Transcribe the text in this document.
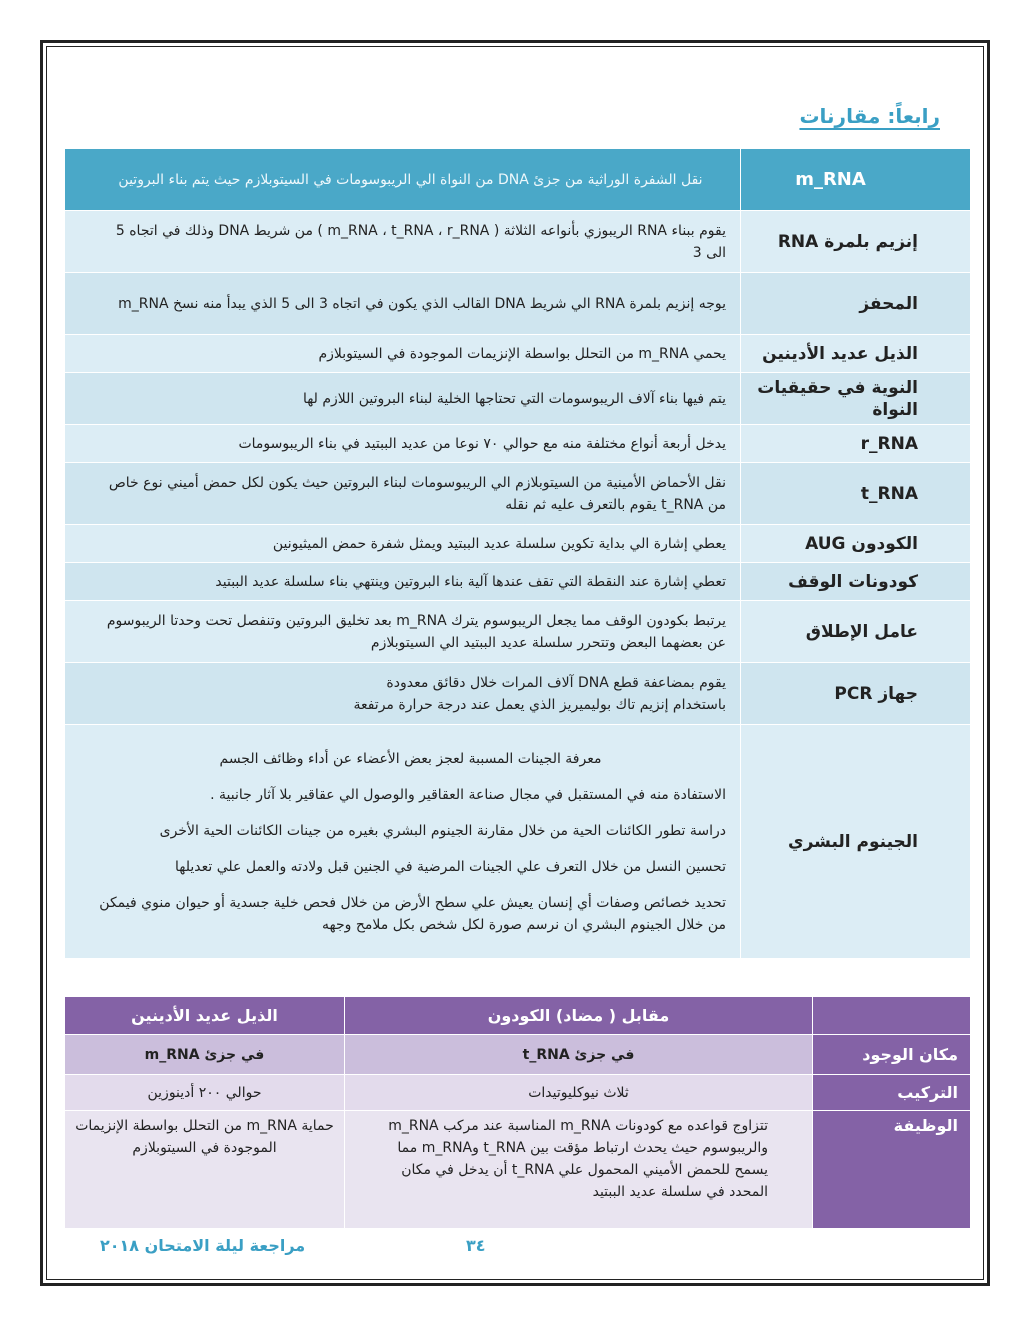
رابعاً: مقارنات
m_RNA	نقل الشفرة الوراثية من جزئ DNA من النواة الي الريبوسومات في السيتوبلازم حيث يتم بناء البروتين
إنزيم بلمرة RNA	يقوم ببناء RNA الريبوزي بأنواعه الثلاثة ( m_RNA ، t_RNA ، r_RNA ) من شريط DNA وذلك في اتجاه 5 الى 3
المحفز	يوجه إنزيم بلمرة RNA الي شريط DNA القالب الذي يكون في اتجاه 3 الى 5 الذي يبدأ منه نسخ m_RNA
الذيل عديد الأدينين	يحمي m_RNA من التحلل بواسطة الإنزيمات الموجودة في السيتوبلازم
النوية في حقيقيات النواة	يتم فيها بناء آلاف الريبوسومات التي تحتاجها الخلية لبناء البروتين اللازم لها
r_RNA	يدخل أربعة أنواع مختلفة منه مع حوالي ٧٠ نوعا من عديد الببتيد في بناء الريبوسومات
t_RNA	نقل الأحماض الأمينية من السيتوبلازم الي الريبوسومات لبناء البروتين حيث يكون لكل حمض أميني نوع خاص من t_RNA يقوم بالتعرف عليه ثم نقله
الكودون AUG	يعطي إشارة الي بداية تكوين سلسلة عديد الببتيد ويمثل شفرة حمض الميثيونين
كودونات الوقف	تعطي إشارة عند النقطة التي تقف عندها آلية بناء البروتين وينتهي بناء سلسلة عديد الببتيد
عامل الإطلاق	يرتبط بكودون الوقف مما يجعل الريبوسوم يترك m_RNA بعد تخليق البروتين وتنفصل تحت وحدتا الريبوسوم عن بعضهما البعض وتتحرر سلسلة عديد الببتيد الي السيتوبلازم
جهاز PCR	يقوم بمضاعفة قطع DNA آلاف المرات خلال دقائق معدودة
باستخدام إنزيم تاك بوليميريز الذي يعمل عند درجة حرارة مرتفعة

الجينوم البشري	معرفة الجينات المسببة لعجز بعض الأعضاء عن أداء وظائف الجسم
الاستفادة منه في المستقبل في مجال صناعة العقاقير والوصول الي عقاقير بلا آثار جانبية .
دراسة تطور الكائنات الحية من خلال مقارنة الجينوم البشري بغيره من جينات الكائنات الحية الأخرى
تحسين النسل من خلال التعرف علي الجينات المرضية في الجنين قبل ولادته والعمل علي تعديلها
تحديد خصائص وصفات أي إنسان يعيش علي سطح الأرض من خلال فحص خلية جسدية أو حيوان منوي فيمكن من خلال الجينوم البشري ان نرسم صورة لكل شخص بكل ملامح وجهه
	مقابل ( مضاد) الكودون	الذيل عديد الأدينين
مكان الوجود	في جزئ t_RNA	في جزئ m_RNA
التركيب	ثلاث نيوكليوتيدات	حوالي ٢٠٠ أدينوزين
الوظيفة	تتزاوج قواعده مع كودونات m_RNA المناسبة عند مركب m_RNA والريبوسوم حيث يحدث ارتباط مؤقت بين t_RNA وm_RNA مما يسمح للحمض الأميني المحمول علي t_RNA أن يدخل في مكان المحدد في سلسلة عديد الببتيد	حماية m_RNA من التحلل بواسطة الإنزيمات الموجودة في السيتوبلازم
مراجعة ليلة الامتحان ٢٠١٨	٣٤
